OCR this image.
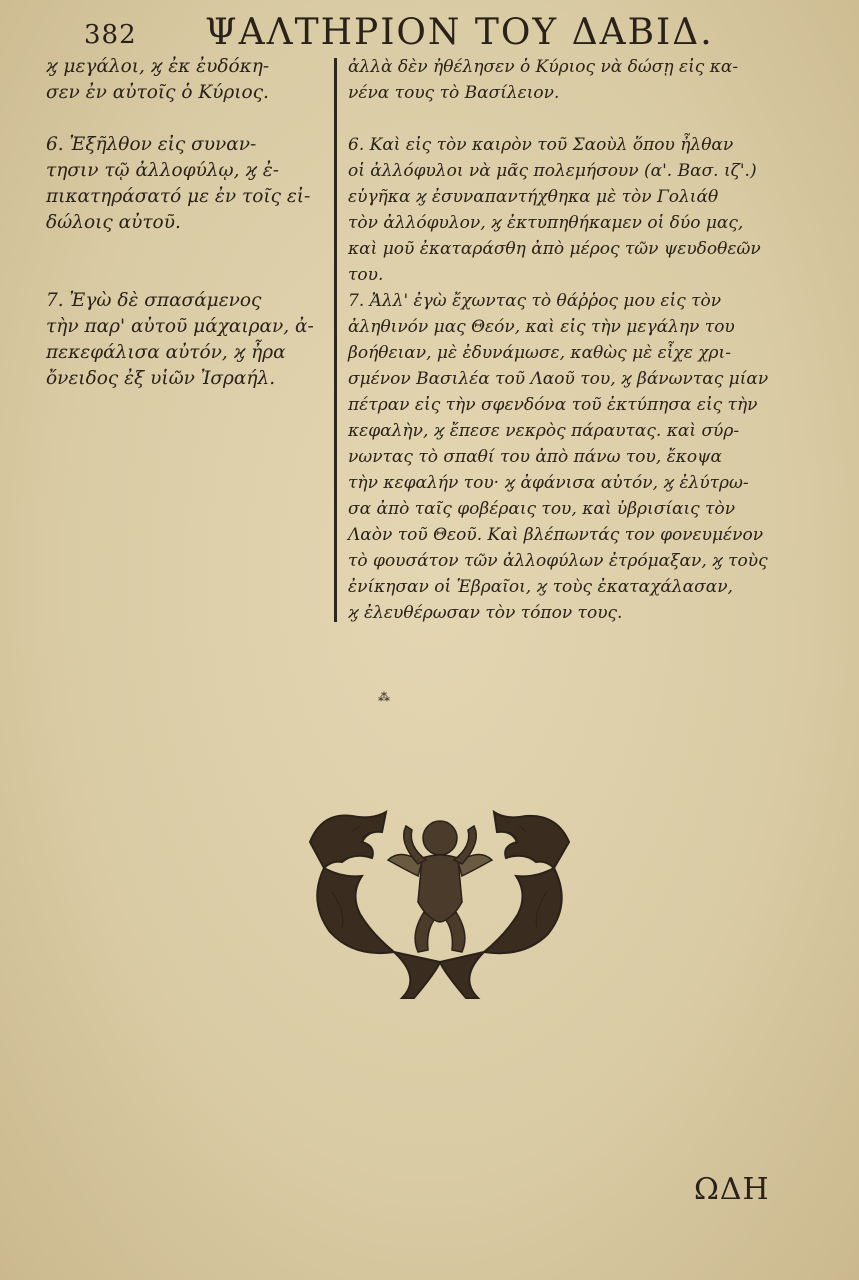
382 ΨΑΛΤΗΡΙΟΝ ΤΟΥ ΔΑΒΙΔ.
ϗ μεγάλοι, ϗ ἐκ ἐυδόκη-
σεν ἐν αὐτοῖς ὁ Κύριος.
6. Ἐξῆλθον εἰς συναν-
τησιν τῷ ἀλλοφύλῳ, ϗ ἐ-
πικατηράσατό με ἐν τοῖς εἰ-
δώλοις αὐτοῦ.
7. Ἐγὼ δὲ σπασάμενος
τὴν παρ' αὐτοῦ μάχαιραν, ἀ-
πεκεφάλισα αὐτόν, ϗ ἦρα
ὄνειδος ἐξ υἱῶν Ἰσραήλ.
ἀλλὰ δὲν ἠθέλησεν ὁ Κύριος νὰ δώσῃ εἰς κα-
νένα τους τὸ Βασίλειον.
6. Καὶ εἰς τὸν καιρὸν τοῦ Σαοὺλ ὅπου ἦλθαν
οἱ ἀλλόφυλοι νὰ μᾶς πολεμήσουν (α'. Βασ. ιζ'.)
εὑγῆκα ϗ ἐσυναπαντήχθηκα μὲ τὸν Γολιάθ
τὸν ἀλλόφυλον, ϗ ἐκτυπηθήκαμεν οἱ δύο μας,
καὶ μοῦ ἐκαταράσθη ἀπὸ μέρος τῶν ψευδοθεῶν
του.
7. Ἀλλ' ἐγὼ ἔχωντας τὸ θάῤῥος μου εἰς τὸν
ἀληθινόν μας Θεόν, καὶ εἰς τὴν μεγάλην του
βοήθειαν, μὲ ἐδυνάμωσε, καθὼς μὲ εἶχε χρι-
σμένον Βασιλέα τοῦ Λαοῦ του, ϗ βάνωντας μίαν
πέτραν εἰς τὴν σφενδόνα τοῦ ἐκτύπησα εἰς τὴν
κεφαλὴν, ϗ ἔπεσε νεκρὸς πάραυτας. καὶ σύρ-
νωντας τὸ σπαθί του ἀπὸ πάνω του, ἔκοψα
τὴν κεφαλήν του· ϗ ἀφάνισα αὐτόν, ϗ ἐλύτρω-
σα ἀπὸ ταῖς φοβέραις του, καὶ ὑβρισίαις τὸν
Λαὸν τοῦ Θεοῦ. Καὶ βλέπωντάς τον φονευμένον
τὸ φουσάτον τῶν ἀλλοφύλων ἐτρόμαξαν, ϗ τοὺς
ἐνίκησαν οἱ Ἑβραῖοι, ϗ τοὺς ἐκαταχάλασαν,
ϗ ἐλευθέρωσαν τὸν τόπον τους.
⁂
ΩΔΗ
